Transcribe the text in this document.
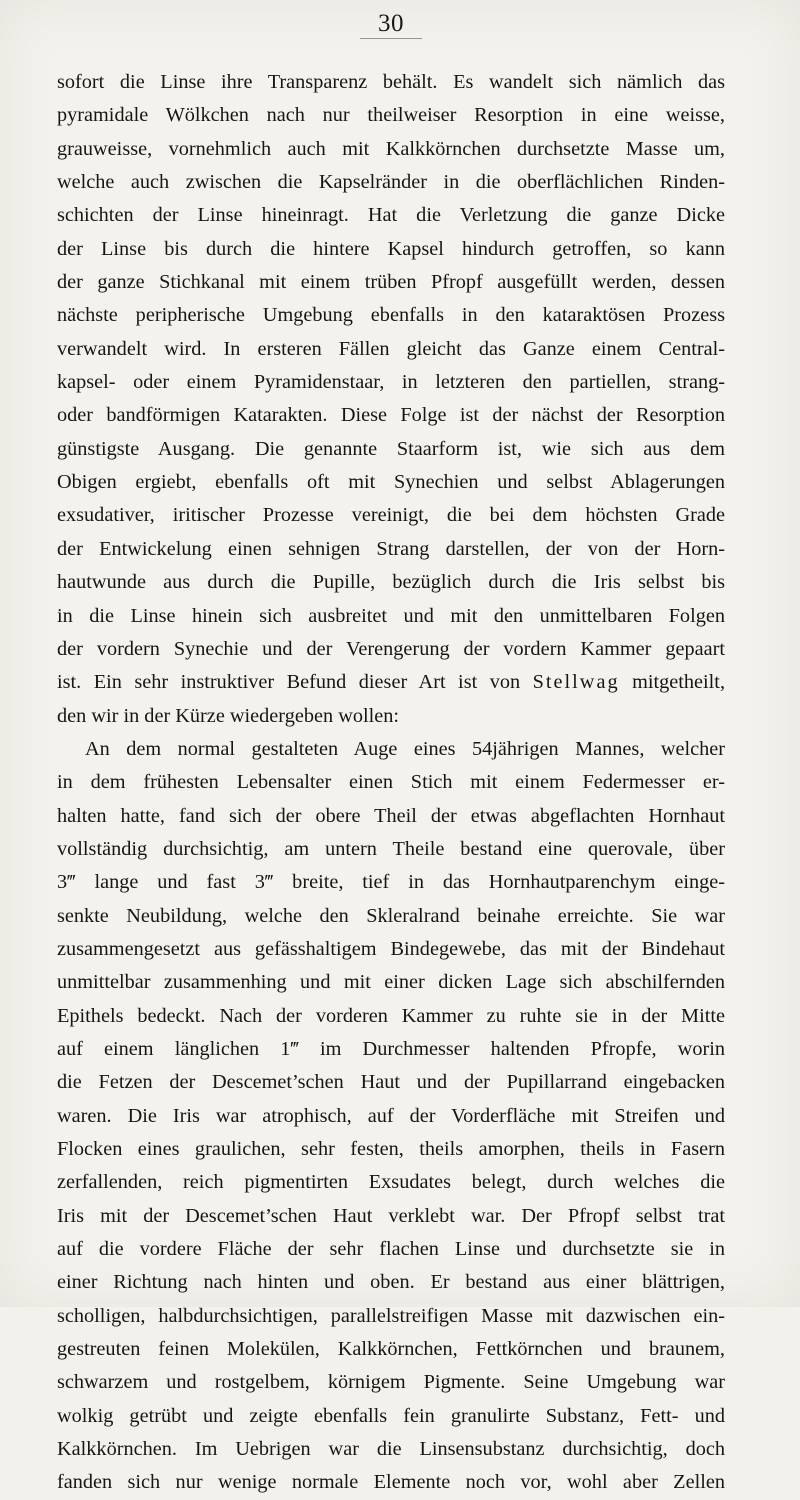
30
sofort die Linse ihre Transparenz behält. Es wandelt sich nämlich das
pyramidale Wölkchen nach nur theilweiser Resorption in eine weisse,
grauweisse, vornehmlich auch mit Kalkkörnchen durchsetzte Masse um,
welche auch zwischen die Kapselränder in die oberflächlichen Rinden-
schichten der Linse hineinragt. Hat die Verletzung die ganze Dicke
der Linse bis durch die hintere Kapsel hindurch getroffen, so kann
der ganze Stichkanal mit einem trüben Pfropf ausgefüllt werden, dessen
nächste peripherische Umgebung ebenfalls in den kataraktösen Prozess
verwandelt wird. In ersteren Fällen gleicht das Ganze einem Central-
kapsel- oder einem Pyramidenstaar, in letzteren den partiellen, strang-
oder bandförmigen Katarakten. Diese Folge ist der nächst der Resorption
günstigste Ausgang. Die genannte Staarform ist, wie sich aus dem
Obigen ergiebt, ebenfalls oft mit Synechien und selbst Ablagerungen
exsudativer, iritischer Prozesse vereinigt, die bei dem höchsten Grade
der Entwickelung einen sehnigen Strang darstellen, der von der Horn-
hautwunde aus durch die Pupille, bezüglich durch die Iris selbst bis
in die Linse hinein sich ausbreitet und mit den unmittelbaren Folgen
der vordern Synechie und der Verengerung der vordern Kammer gepaart
ist. Ein sehr instruktiver Befund dieser Art ist von Stellwag mitgetheilt,
den wir in der Kürze wiedergeben wollen:
An dem normal gestalteten Auge eines 54jährigen Mannes, welcher
in dem frühesten Lebensalter einen Stich mit einem Federmesser er-
halten hatte, fand sich der obere Theil der etwas abgeflachten Hornhaut
vollständig durchsichtig, am untern Theile bestand eine querovale, über
3‴ lange und fast 3‴ breite, tief in das Hornhautparenchym einge-
senkte Neubildung, welche den Skleralrand beinahe erreichte. Sie war
zusammengesetzt aus gefässhaltigem Bindegewebe, das mit der Bindehaut
unmittelbar zusammenhing und mit einer dicken Lage sich abschilfernden
Epithels bedeckt. Nach der vorderen Kammer zu ruhte sie in der Mitte
auf einem länglichen 1‴ im Durchmesser haltenden Pfropfe, worin
die Fetzen der Descemet’schen Haut und der Pupillarrand eingebacken
waren. Die Iris war atrophisch, auf der Vorderfläche mit Streifen und
Flocken eines graulichen, sehr festen, theils amorphen, theils in Fasern
zerfallenden, reich pigmentirten Exsudates belegt, durch welches die
Iris mit der Descemet’schen Haut verklebt war. Der Pfropf selbst trat
auf die vordere Fläche der sehr flachen Linse und durchsetzte sie in
einer Richtung nach hinten und oben. Er bestand aus einer blättrigen,
scholligen, halbdurchsichtigen, parallelstreifigen Masse mit dazwischen ein-
gestreuten feinen Molekülen, Kalkkörnchen, Fettkörnchen und braunem,
schwarzem und rostgelbem, körnigem Pigmente. Seine Umgebung war
wolkig getrübt und zeigte ebenfalls fein granulirte Substanz, Fett- und
Kalkkörnchen. Im Uebrigen war die Linsensubstanz durchsichtig, doch
fanden sich nur wenige normale Elemente noch vor, wohl aber Zellen
